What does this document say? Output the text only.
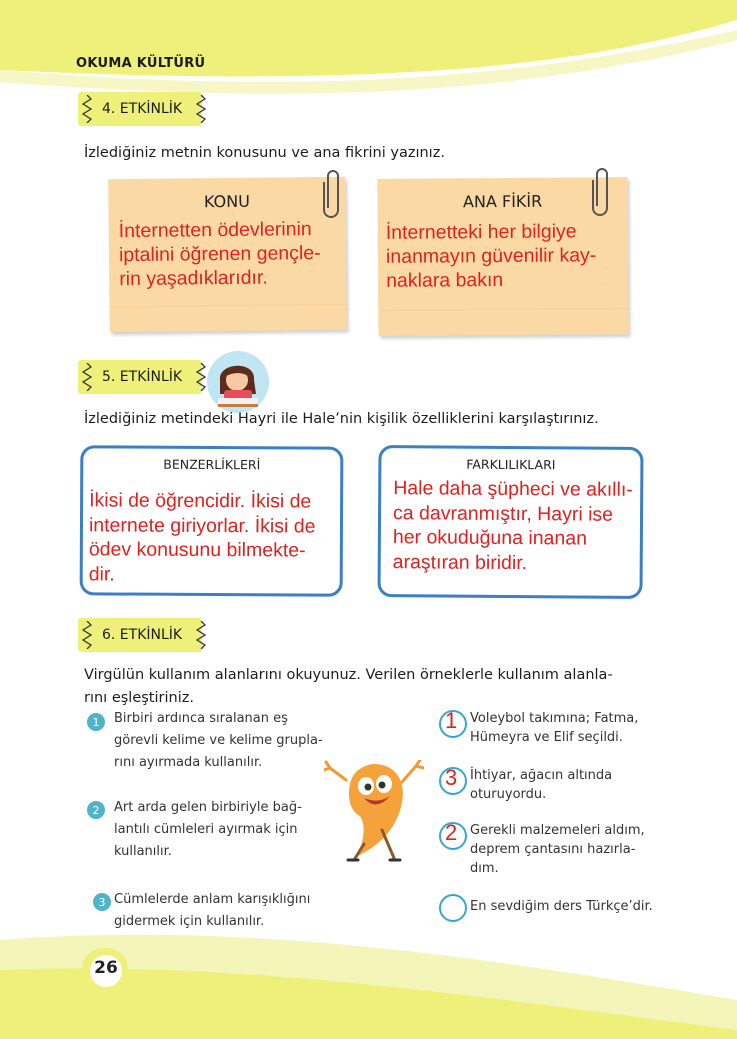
OKUMA KÜLTÜRÜ
4. ETKİNLİK
İzlediğiniz metnin konusunu ve ana fikrini yazınız.
KONU
İnternetten ödevlerinin
iptalini öğrenen gençle-
rin yaşadıklarıdır.
ANA FİKİR
İnternetteki her bilgiye
inanmayın güvenilir kay-
naklara bakın
5. ETKİNLİK
İzlediğiniz metindeki Hayri ile Hale’nin kişilik özelliklerini karşılaştırınız.
BENZERLİKLERİ
İkisi de öğrencidir. İkisi de
internete giriyorlar. İkisi de
ödev konusunu bilmekte-
dir.
FARKLILIKLARI
Hale daha şüpheci ve akıllı-
ca davranmıştır, Hayri ise
her okuduğuna inanan
araştıran biridir.
6. ETKİNLİK
Virgülün kullanım alanlarını okuyunuz. Verilen örneklerle kullanım alanla-
rını eşleştiriniz.
1	Birbiri ardınca sıralanan eş
görevli kelime ve kelime grupla-
rını ayırmada kullanılır.
2	Art arda gelen birbiriyle bağ-
lantılı cümleleri ayırmak için
kullanılır.
3 Cümlelerde anlam karışıklığını
gidermek için kullanılır.
1 Voleybol takımına; Fatma,
Hümeyra ve Elif seçildi.
3 İhtiyar, ağacın altında
oturuyordu.
2 Gerekli malzemeleri aldım,
deprem çantasını hazırla-
dım.
En sevdiğim ders Türkçe’dir.
26
